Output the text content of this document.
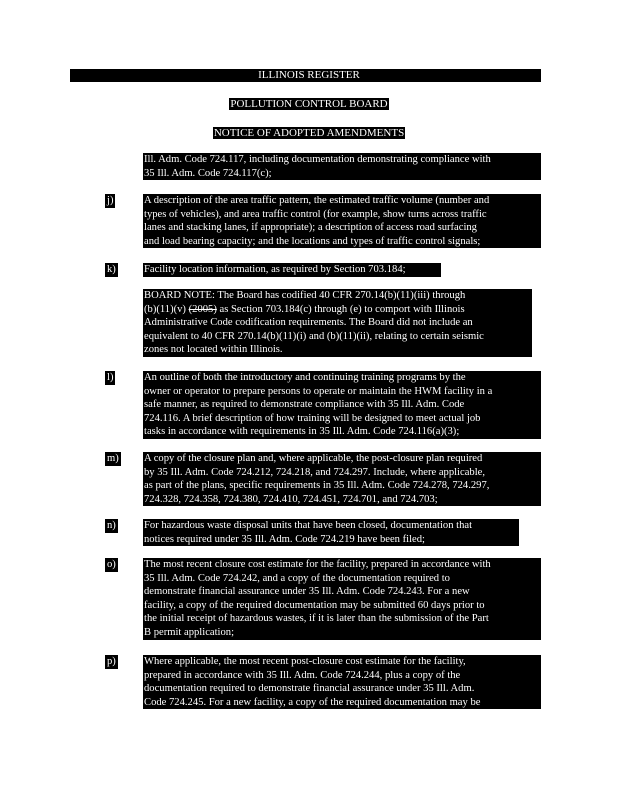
ILLINOIS REGISTER
POLLUTION CONTROL BOARD
NOTICE OF ADOPTED AMENDMENTS
Ill. Adm. Code 724.117, including documentation demonstrating compliance with
35 Ill. Adm. Code 724.117(c);
j)	A description of the area traffic pattern, the estimated traffic volume (number and
types of vehicles), and area traffic control (for example, show turns across traffic
lanes and stacking lanes, if appropriate); a description of access road surfacing
and load bearing capacity; and the locations and types of traffic control signals;
k)	Facility location information, as required by Section 703.184;
BOARD NOTE: The Board has codified 40 CFR 270.14(b)(11)(iii) through
(b)(11)(v) (2005) as Section 703.184(c) through (e) to comport with Illinois
Administrative Code codification requirements. The Board did not include an
equivalent to 40 CFR 270.14(b)(11)(i) and (b)(11)(ii), relating to certain seismic
zones not located within Illinois.
l)	An outline of both the introductory and continuing training programs by the
owner or operator to prepare persons to operate or maintain the HWM facility in a
safe manner, as required to demonstrate compliance with 35 Ill. Adm. Code
724.116. A brief description of how training will be designed to meet actual job
tasks in accordance with requirements in 35 Ill. Adm. Code 724.116(a)(3);
m) A copy of the closure plan and, where applicable, the post-closure plan required
by 35 Ill. Adm. Code 724.212, 724.218, and 724.297. Include, where applicable,
as part of the plans, specific requirements in 35 Ill. Adm. Code 724.278, 724.297,
724.328, 724.358, 724.380, 724.410, 724.451, 724.701, and 724.703;
n)	For hazardous waste disposal units that have been closed, documentation that
notices required under 35 Ill. Adm. Code 724.219 have been filed;
o)	The most recent closure cost estimate for the facility, prepared in accordance with
35 Ill. Adm. Code 724.242, and a copy of the documentation required to
demonstrate financial assurance under 35 Ill. Adm. Code 724.243. For a new
facility, a copy of the required documentation may be submitted 60 days prior to
the initial receipt of hazardous wastes, if it is later than the submission of the Part
B permit application;
p)	Where applicable, the most recent post-closure cost estimate for the facility,
prepared in accordance with 35 Ill. Adm. Code 724.244, plus a copy of the
documentation required to demonstrate financial assurance under 35 Ill. Adm.
Code 724.245. For a new facility, a copy of the required documentation may be
